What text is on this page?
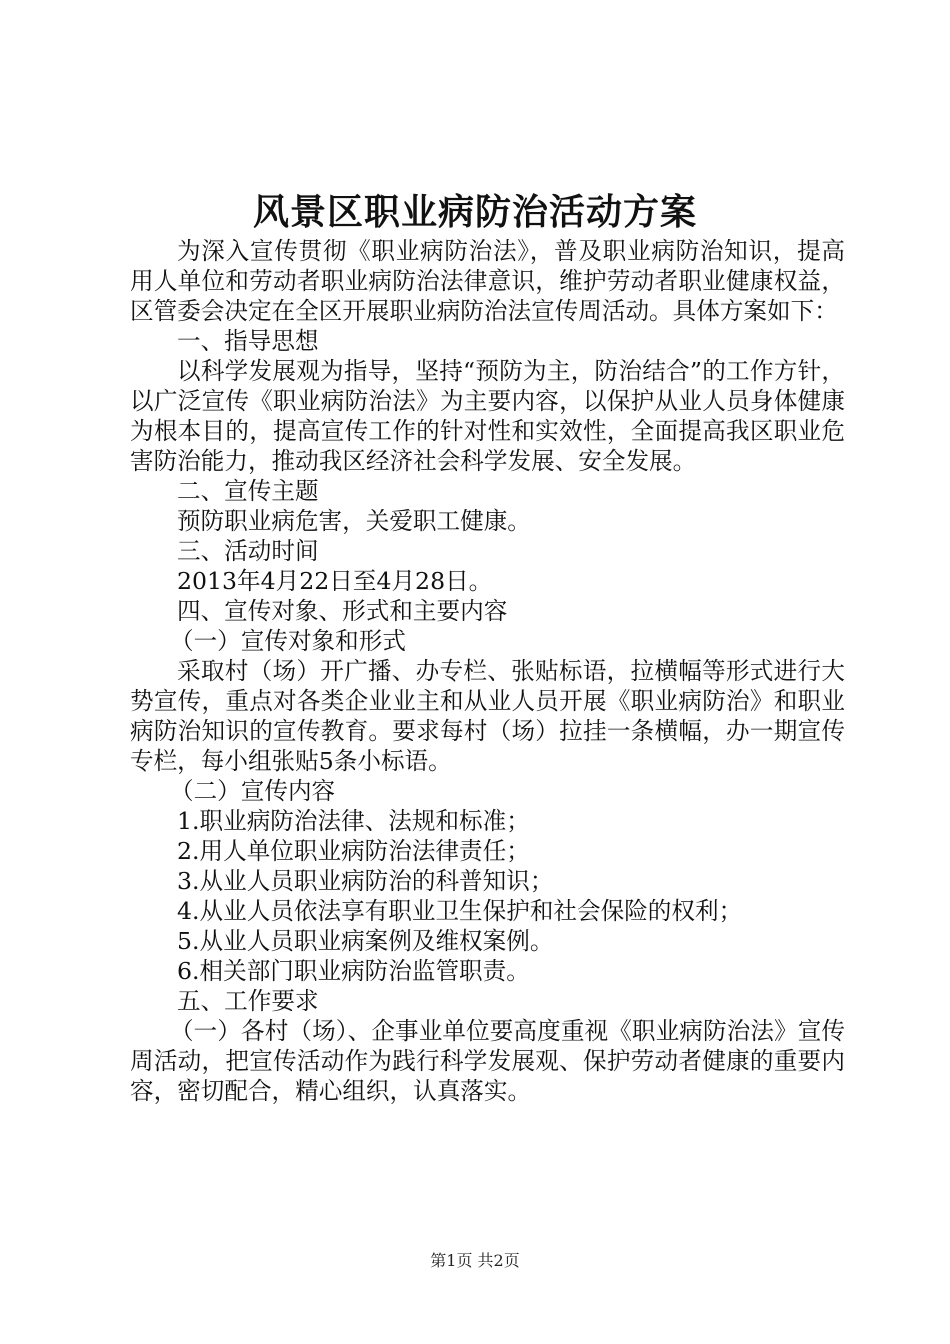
风景区职业病防治活动方案

为深入宣传贯彻《职业病防治法》，普及职业病防治知识，提高用人单位和劳动者职业病防治法律意识，维护劳动者职业健康权益，区管委会决定在全区开展职业病防治法宣传周活动。具体方案如下：

一、指导思想

以科学发展观为指导，坚持“预防为主，防治结合”的工作方针，以广泛宣传《职业病防治法》为主要内容，以保护从业人员身体健康为根本目的，提高宣传工作的针对性和实效性，全面提高我区职业危害防治能力，推动我区经济社会科学发展、安全发展。

二、宣传主题

预防职业病危害，关爱职工健康。

三、活动时间

2013年4月22日至4月28日。

四、宣传对象、形式和主要内容

（一）宣传对象和形式

采取村（场）开广播、办专栏、张贴标语，拉横幅等形式进行大势宣传，重点对各类企业业主和从业人员开展《职业病防治》和职业病防治知识的宣传教育。要求每村（场）拉挂一条横幅，办一期宣传专栏，每小组张贴5条小标语。

（二）宣传内容

1.职业病防治法律、法规和标准；

2.用人单位职业病防治法律责任；

3.从业人员职业病防治的科普知识；

4.从业人员依法享有职业卫生保护和社会保险的权利；

5.从业人员职业病案例及维权案例。

6.相关部门职业病防治监管职责。

五、工作要求

（一）各村（场）、企事业单位要高度重视《职业病防治法》宣传周活动，把宣传活动作为践行科学发展观、保护劳动者健康的重要内容，密切配合，精心组织，认真落实。

第1页 共2页
